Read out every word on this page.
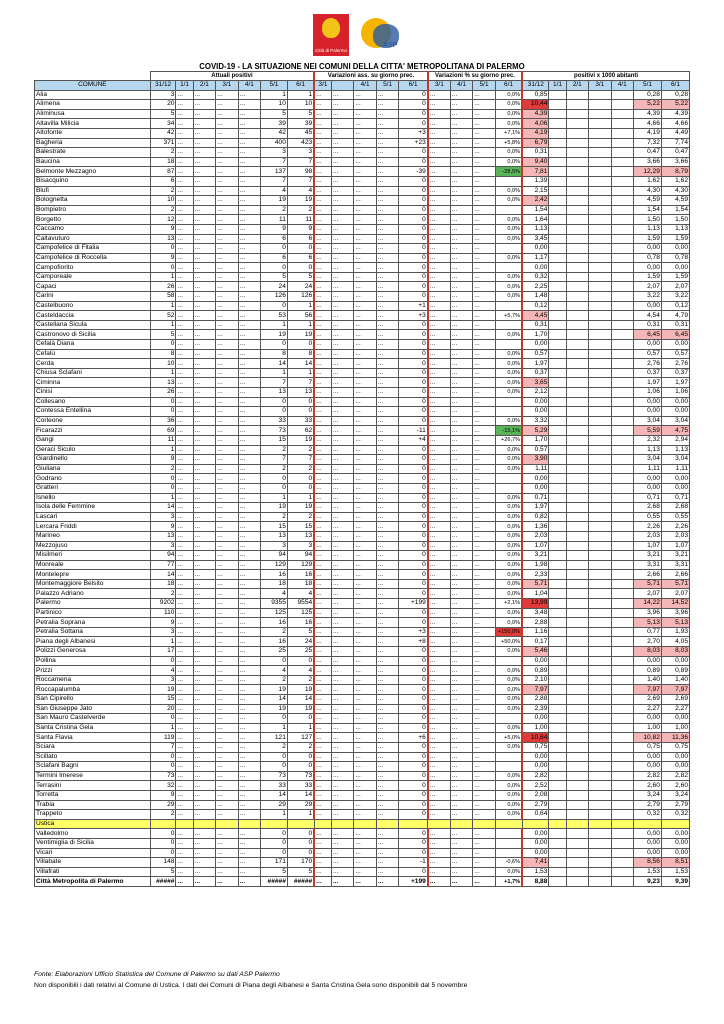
Città di Palermo
ASP
COVID-19 - LA SITUAZIONE NEI COMUNI DELLA CITTA' METROPOLITANA DI PALERMO
	Attuali positivi							Variazioni ass. su giorno prec.					Variazioni % su giorno prec.				positivi x 1000 abitanti						
COMUNE	31/12	1/1	2/1	3/1	4/1	5/1	6/1	3/1		4/1	5/1	6/1	3/1	4/1	5/1	6/1	31/12	1/1	2/1	3/1	4/1	5/1	6/1
Alia	3	...	...	...	...	1	1	...	...	...	...	0	...	...	...	0,0%	0,85					0,28	0,28
Alimena	20	...	...	...	...	10	10	...	...	...	...	0	...	...	...	0,0%	10,44					5,22	5,22
Aliminusa	5	...	...	...	...	5	5	...	...	...	...	0	...	...	...	0,0%	4,39					4,39	4,39
Altavilla Milicia	34	...	...	...	...	39	39	...	...	...	...	0	...	...	...	0,0%	4,06					4,66	4,66
Altofonte	42	...	...	...	...	42	45	...	...	...	...	+3	...	...	...	+7,1%	4,19					4,19	4,49
Bagheria	371	...	...	...	...	400	423	...	...	...	...	+23	...	...	...	+5,8%	6,79					7,32	7,74
Balestrate	2	...	...	...	...	3	3	...	...	...	...	0	...	...	...	0,0%	0,31					0,47	0,47
Baucina	18	...	...	...	...	7	7	...	...	...	...	0	...	...	...	0,0%	9,40					3,66	3,66
Belmonte Mezzagno	87	...	...	...	...	137	98	...	...	...	...	-39	...	...	...	-28,5%	7,81					12,29	8,79
Bisacquino	6	...	...	...	...	7	7	...	...	...	...	0	...	...	...		1,39					1,62	1,62
Blufi	2	...	...	...	...	4	4	...	...	...	...	0	...	...	...	0,0%	2,15					4,30	4,30
Bolognetta	10	...	...	...	...	19	19	...	...	...	...	0	...	...	...	0,0%	2,42					4,59	4,59
Bompietro	2	...	...	...	...	2	2	...	...	...	...	0	...	...	...		1,54					1,54	1,54
Borgetto	12	...	...	...	...	11	11	...	...	...	...	0	...	...	...	0,0%	1,64					1,50	1,50
Caccamo	9	...	...	...	...	9	9	...	...	...	...	0	...	...	...	0,0%	1,13					1,13	1,13
Caltavuturo	13	...	...	...	...	6	6	...	...	...	...	0	...	...	...	0,0%	3,45					1,59	1,59
Campofelice di Fitalia	0	...	...	...	...	0	0	...	...	...	...	0	...	...	...		0,00					0,00	0,00
Campofelice di Roccella	9	...	...	...	...	6	6	...	...	...	...	0	...	...	...	0,0%	1,17					0,78	0,78
Campofiorito	0	...	...	...	...	0	0	...	...	...	...	0	...	...	...		0,00					0,00	0,00
Camporeale	1	...	...	...	...	5	5	...	...	...	...	0	...	...	...	0,0%	0,32					1,59	1,59
Capaci	26	...	...	...	...	24	24	...	...	...	...	0	...	...	...	0,0%	2,25					2,07	2,07
Carini	58	...	...	...	...	126	126	...	...	...	...	0	...	...	...	0,0%	1,48					3,22	3,22
Castelbuono	1	...	...	...	...	0	1	...	...	...	...	+1	...	...	...		0,12					0,00	0,12
Casteldaccia	52	...	...	...	...	53	56	...	...	...	...	+3	...	...	...	+5,7%	4,45					4,54	4,79
Castellana Sicula	1	...	...	...	...	1	1	...	...	...	...	0	...	...	...		0,31					0,31	0,31
Castronovo di Sicilia	5	...	...	...	...	19	19	...	...	...	...	0	...	...	...	0,0%	1,70					6,45	6,45
Cefalà Diana	0	...	...	...	...	0	0	...	...	...	...	0	...	...	...		0,00					0,00	0,00
Cefalù	8	...	...	...	...	8	8	...	...	...	...	0	...	...	...	0,0%	0,57					0,57	0,57
Cerda	10	...	...	...	...	14	14	...	...	...	...	0	...	...	...	0,0%	1,97					2,76	2,76
Chiusa Sclafani	1	...	...	...	...	1	1	...	...	...	...	0	...	...	...	0,0%	0,37					0,37	0,37
Ciminna	13	...	...	...	...	7	7	...	...	...	...	0	...	...	...	0,0%	3,65					1,97	1,97
Cinisi	26	...	...	...	...	13	13	...	...	...	...	0	...	...	...	0,0%	2,12					1,06	1,06
Collesano	0	...	...	...	...	0	0	...	...	...	...	0	...	...	...		0,00					0,00	0,00
Contessa Entellina	0	...	...	...	...	0	0	...	...	...	...	0	...	...	...		0,00					0,00	0,00
Corleone	36	...	...	...	...	33	33	...	...	...	...	0	...	...	...	0,0%	3,32					3,04	3,04
Ficarazzi	69	...	...	...	...	73	62	...	...	...	...	-11	...	...	...	-15,1%	5,29					5,59	4,75
Gangi	11	...	...	...	...	15	19	...	...	...	...	+4	...	...	...	+26,7%	1,70					2,32	2,94
Geraci Siculo	1	...	...	...	...	2	2	...	...	...	...	0	...	...	...	0,0%	0,57					1,13	1,13
Giardinello	9	...	...	...	...	7	7	...	...	...	...	0	...	...	...	0,0%	3,90					3,04	3,04
Giuliana	2	...	...	...	...	2	2	...	...	...	...	0	...	...	...	0,0%	1,11					1,11	1,11
Godrano	0	...	...	...	...	0	0	...	...	...	...	0	...	...	...		0,00					0,00	0,00
Gratteri	0	...	...	...	...	0	0	...	...	...	...	0	...	...	...		0,00					0,00	0,00
Isnello	1	...	...	...	...	1	1	...	...	...	...	0	...	...	...	0,0%	0,71					0,71	0,71
Isola delle Femmine	14	...	...	...	...	19	19	...	...	...	...	0	...	...	...	0,0%	1,97					2,68	2,68
Lascari	3	...	...	...	...	2	2	...	...	...	...	0	...	...	...	0,0%	0,82					0,55	0,55
Lercara Friddi	9	...	...	...	...	15	15	...	...	...	...	0	...	...	...	0,0%	1,36					2,26	2,26
Marineo	13	...	...	...	...	13	13	...	...	...	...	0	...	...	...	0,0%	2,03					2,03	2,03
Mezzojuso	3	...	...	...	...	3	3	...	...	...	...	0	...	...	...	0,0%	1,07					1,07	1,07
Misilmeri	94	...	...	...	...	94	94	...	...	...	...	0	...	...	...	0,0%	3,21					3,21	3,21
Monreale	77	...	...	...	...	129	129	...	...	...	...	0	...	...	...	0,0%	1,98					3,31	3,31
Montelepre	14	...	...	...	...	16	16	...	...	...	...	0	...	...	...	0,0%	2,33					2,66	2,66
Montemaggiore Belsito	18	...	...	...	...	18	18	...	...	...	...	0	...	...	...	0,0%	5,71					5,71	5,71
Palazzo Adriano	2	...	...	...	...	4	4	...	...	...	...	0	...	...	...	0,0%	1,04					2,07	2,07
Palermo	9202	...	...	...	...	9355	9554	...	...	...	...	+199	...	...	...	+2,1%	13,99					14,22	14,52
Partinico	110	...	...	...	...	125	125	...	...	...	...	0	...	...	...	0,0%	3,48					3,96	3,96
Petralia Soprana	9	...	...	...	...	16	16	...	...	...	...	0	...	...	...	0,0%	2,88					5,13	5,13
Petralia Sottana	3	...	...	...	...	2	5	...	...	...	...	+3	...	...	...	+150,0%	1,16					0,77	1,93
Piana degli Albanesi	1	...	...	...	...	16	24	...	...	...	...	+8	...	...	...	+50,0%	0,17					2,70	4,05
Polizzi Generosa	17	...	...	...	...	25	25	...	...	...	...	0	...	...	...	0,0%	5,46					8,03	8,03
Pollina	0	...	...	...	...	0	0	...	...	...	...	0	...	...	...		0,00					0,00	0,00
Prizzi	4	...	...	...	...	4	4	...	...	...	...	0	...	...	...	0,0%	0,89					0,89	0,89
Roccamena	3	...	...	...	...	2	2	...	...	...	...	0	...	...	...	0,0%	2,10					1,40	1,40
Roccapalumba	19	...	...	...	...	19	19	...	...	...	...	0	...	...	...	0,0%	7,97					7,97	7,97
San Cipirello	15	...	...	...	...	14	14	...	...	...	...	0	...	...	...	0,0%	2,88					2,69	2,69
San Giuseppe Jato	20	...	...	...	...	19	19	...	...	...	...	0	...	...	...	0,0%	2,39					2,27	2,27
San Mauro Castelverde	0	...	...	...	...	0	0	...	...	...	...	0	...	...	...		0,00					0,00	0,00
Santa Cristina Gela	1	...	...	...	...	1	1	...	...	...	...	0	...	...	...	0,0%	1,00					1,00	1,00
Santa Flavia	119	...	...	...	...	121	127	...	...	...	...	+6	...	...	...	+5,0%	10,64					10,82	11,36
Sciara	7	...	...	...	...	2	2	...	...	...	...	0	...	...	...	0,0%	0,75					0,75	0,75
Scillato	0	...	...	...	...	0	0	...	...	...	...	0	...	...	...		0,00					0,00	0,00
Sclafani Bagni	0	...	...	...	...	0	0	...	...	...	...	0	...	...	...		0,00					0,00	0,00
Termini Imerese	73	...	...	...	...	73	73	...	...	...	...	0	...	...	...	0,0%	2,82					2,82	2,82
Terrasini	32	...	...	...	...	33	33	...	...	...	...	0	...	...	...	0,0%	2,52					2,60	2,60
Torretta	9	...	...	...	...	14	14	...	...	...	...	0	...	...	...	0,0%	2,08					3,24	3,24
Trabia	29	...	...	...	...	29	29	...	...	...	...	0	...	...	...	0,0%	2,79					2,79	2,79
Trappeto	2	...	...	...	...	1	1	...	...	...	...	0	...	...	...	0,0%	0,64					0,32	0,32
Ustica																							
Valledolmo	0	...	...	...	...	0	0	...	...	...	...	0	...	...	...		0,00					0,00	0,00
Ventimiglia di Sicilia	0	...	...	...	...	0	0	...	...	...	...	0	...	...	...		0,00					0,00	0,00
Vicari	0	...	...	...	...	0	0	...	...	...	...	0	...	...	...		0,00					0,00	0,00
Villabate	148	...	...	...	...	171	170	...	...	...	...	-1	...	...	...	-0,6%	7,41					8,56	8,51
Villafrati	5	...	...	...	...	5	5	...	...	...	...	0	...	...	...	0,0%	1,53					1,53	1,53
Città Metropolita di Palermo	#####	...	...	...	...	#####	#####	...	...	...	...	+199	...	...	...	+1,7%	8,88					9,23	9,39
Fonte: Elaborazioni Ufficio Statistica del Comune di Palermo su dati ASP Palermo
Non disponibili i dati relativi al Comune di Ustica. I dati dei Comuni di Piana degli Albanesi e Santa Cristina Gela sono disponibili dal 5 novembre
